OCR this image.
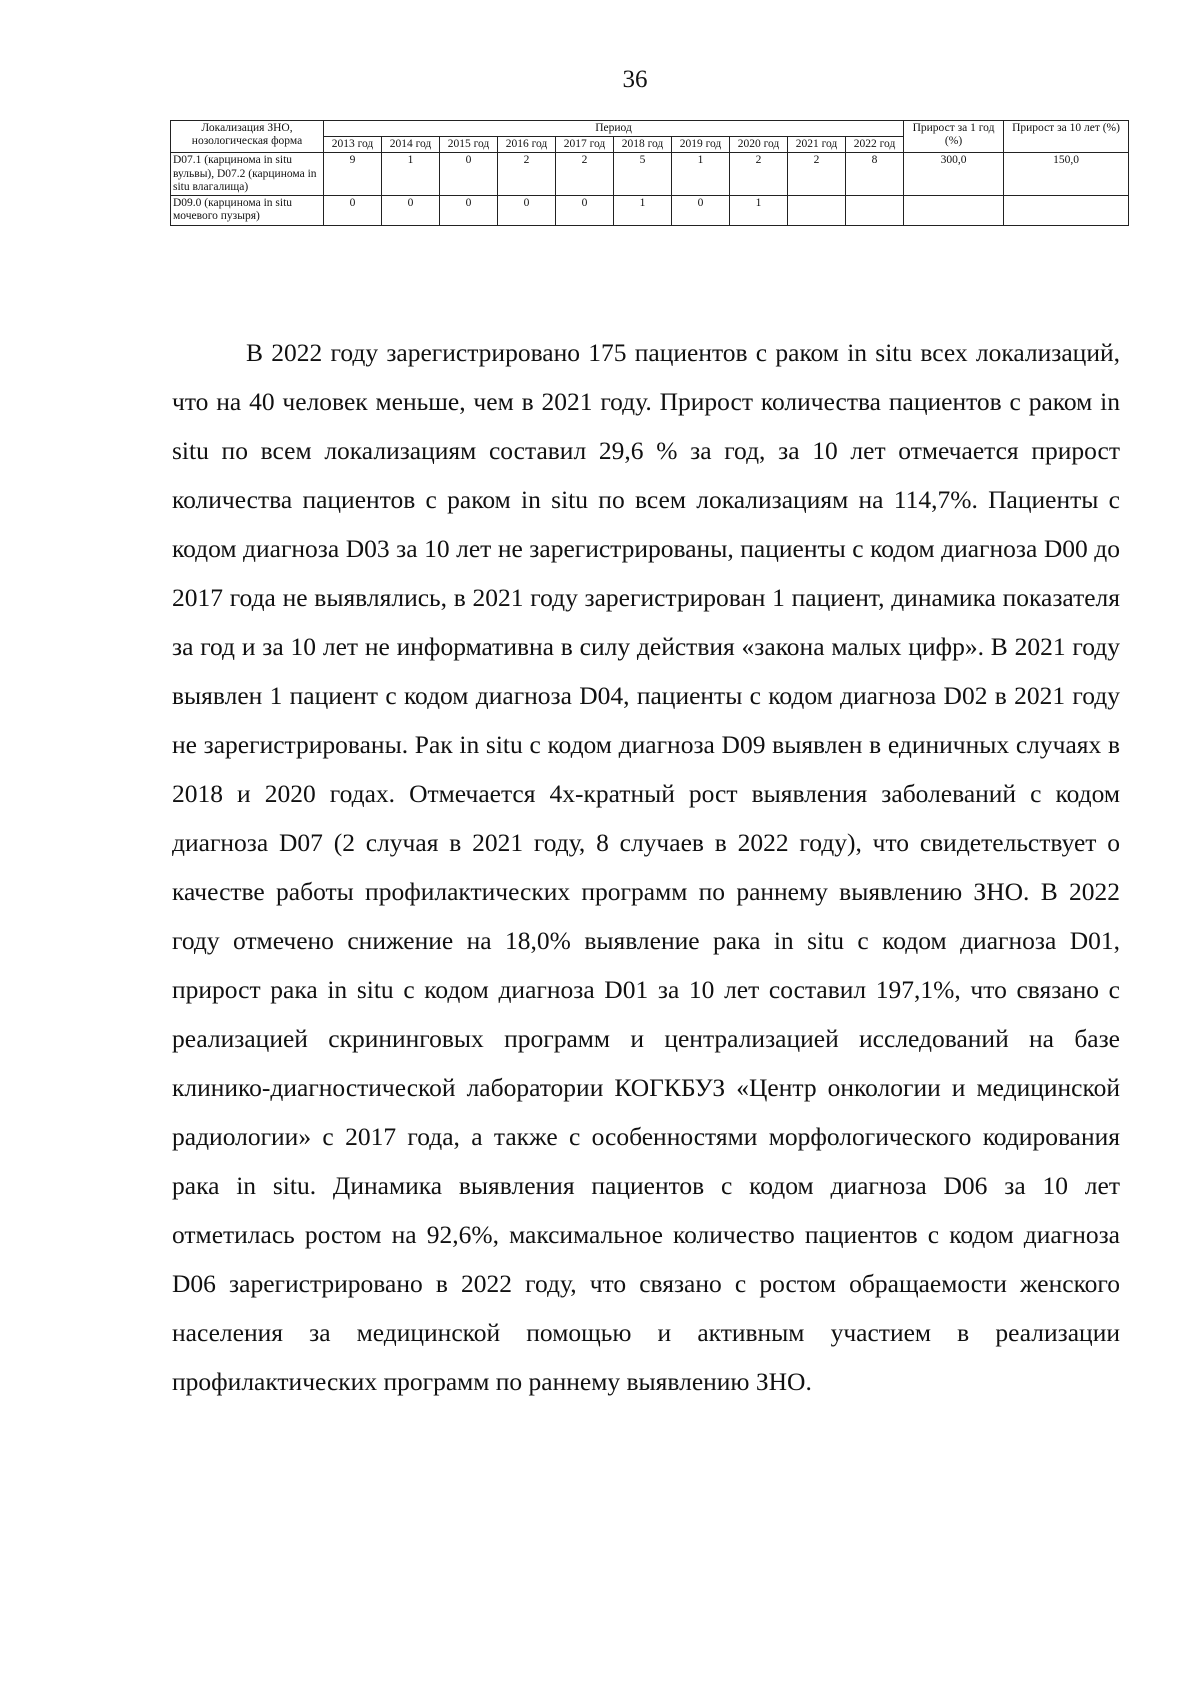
36
Локализация ЗНО, нозологическая форма	Период										Прирост за 1 год (%)	Прирост за 10 лет (%)
	2013 год	2014 год	2015 год	2016 год	2017 год	2018 год	2019 год	2020 год	2021 год	2022 год		
D07.1 (карцинома in situ вульвы), D07.2 (карцинома in situ влагалища)	9	1	0	2	2	5	1	2	2	8	300,0	150,0
D09.0 (карцинома in situ мочевого пузыря)	0	0	0	0	0	1	0	1				

В 2022 году зарегистрировано 175 пациентов с раком in situ всех локализаций, что на 40 человек меньше, чем в 2021 году. Прирост количества пациентов с раком in situ по всем локализациям составил 29,6 % за год, за 10 лет отмечается прирост количества пациентов с раком in situ по всем локализациям на 114,7%. Пациенты с кодом диагноза D03 за 10 лет не зарегистрированы, пациенты с кодом диагноза D00 до 2017 года не выявлялись, в 2021 году зарегистрирован 1 пациент, динамика показателя за год и за 10 лет не информативна в силу действия «закона малых цифр». В 2021 году выявлен 1 пациент с кодом диагноза D04, пациенты с кодом диагноза D02 в 2021 году не зарегистрированы. Рак in situ с кодом диагноза D09 выявлен в единичных случаях в 2018 и 2020 годах. Отмечается 4х-кратный рост выявления заболеваний с кодом диагноза D07 (2 случая в 2021 году, 8 случаев в 2022 году), что свидетельствует о качестве работы профилактических программ по раннему выявлению ЗНО. В 2022 году отмечено снижение на 18,0% выявление рака in situ с кодом диагноза D01, прирост рака in situ с кодом диагноза D01 за 10 лет составил 197,1%, что связано с реализацией скрининговых программ и централизацией исследований на базе клинико-диагностической лаборатории КОГКБУЗ «Центр онкологии и медицинской радиологии» с 2017 года, а также с особенностями морфологического кодирования рака in situ. Динамика выявления пациентов с кодом диагноза D06 за 10 лет отметилась ростом на 92,6%, максимальное количество пациентов с кодом диагноза D06 зарегистрировано в 2022 году, что связано с ростом обращаемости женского населения за медицинской помощью и активным участием в реализации профилактических программ по раннему выявлению ЗНО.
